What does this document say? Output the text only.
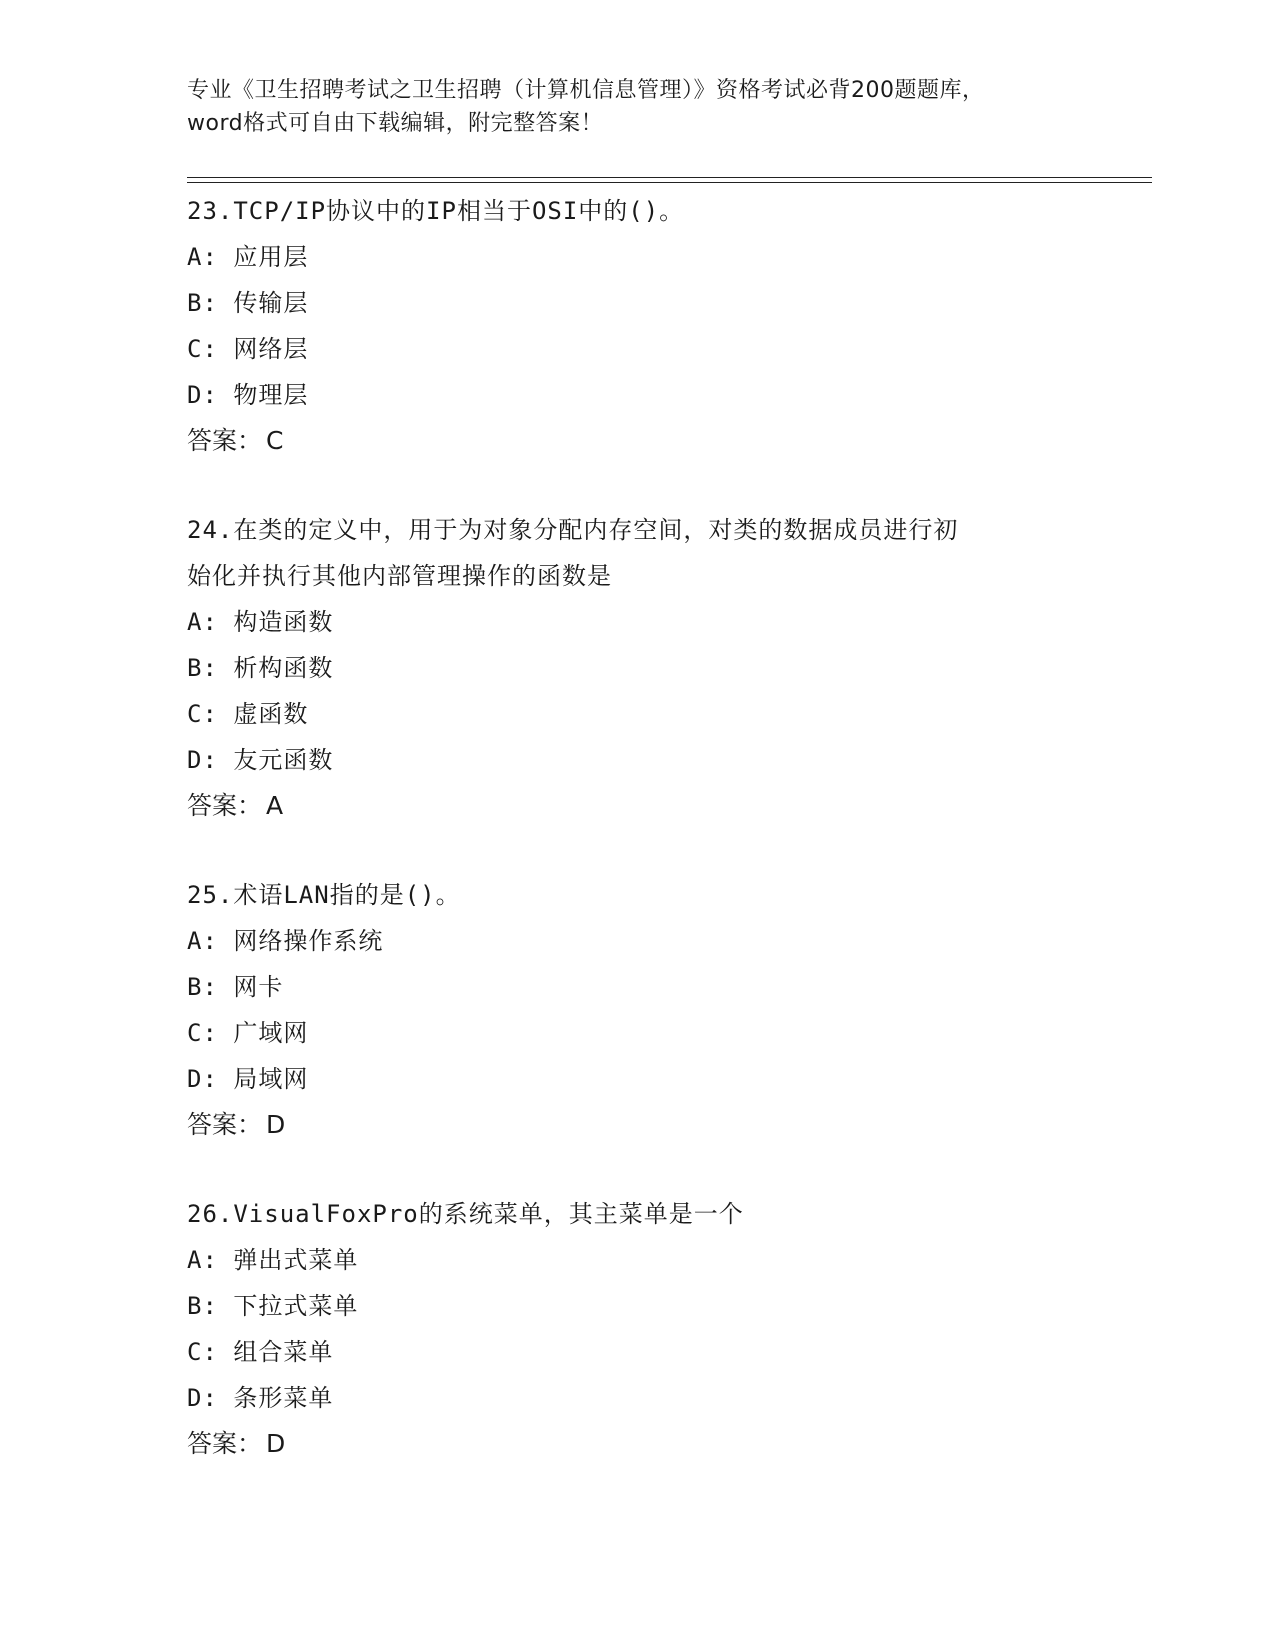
专业《卫生招聘考试之卫生招聘（计算机信息管理）》资格考试必背200题题库，
word格式可自由下载编辑，附完整答案！

23.TCP/IP协议中的IP相当于OSI中的()。

A: 应用层

B: 传输层

C: 网络层

D: 物理层

答案： C

24.在类的定义中，用于为对象分配内存空间，对类的数据成员进行初

始化并执行其他内部管理操作的函数是

A: 构造函数

B: 析构函数

C: 虚函数

D: 友元函数

答案： A

25.术语LAN指的是()。

A: 网络操作系统

B: 网卡

C: 广域网

D: 局域网

答案： D

26.VisualFoxPro的系统菜单，其主菜单是一个

A: 弹出式菜单

B: 下拉式菜单

C: 组合菜单

D: 条形菜单

答案： D
